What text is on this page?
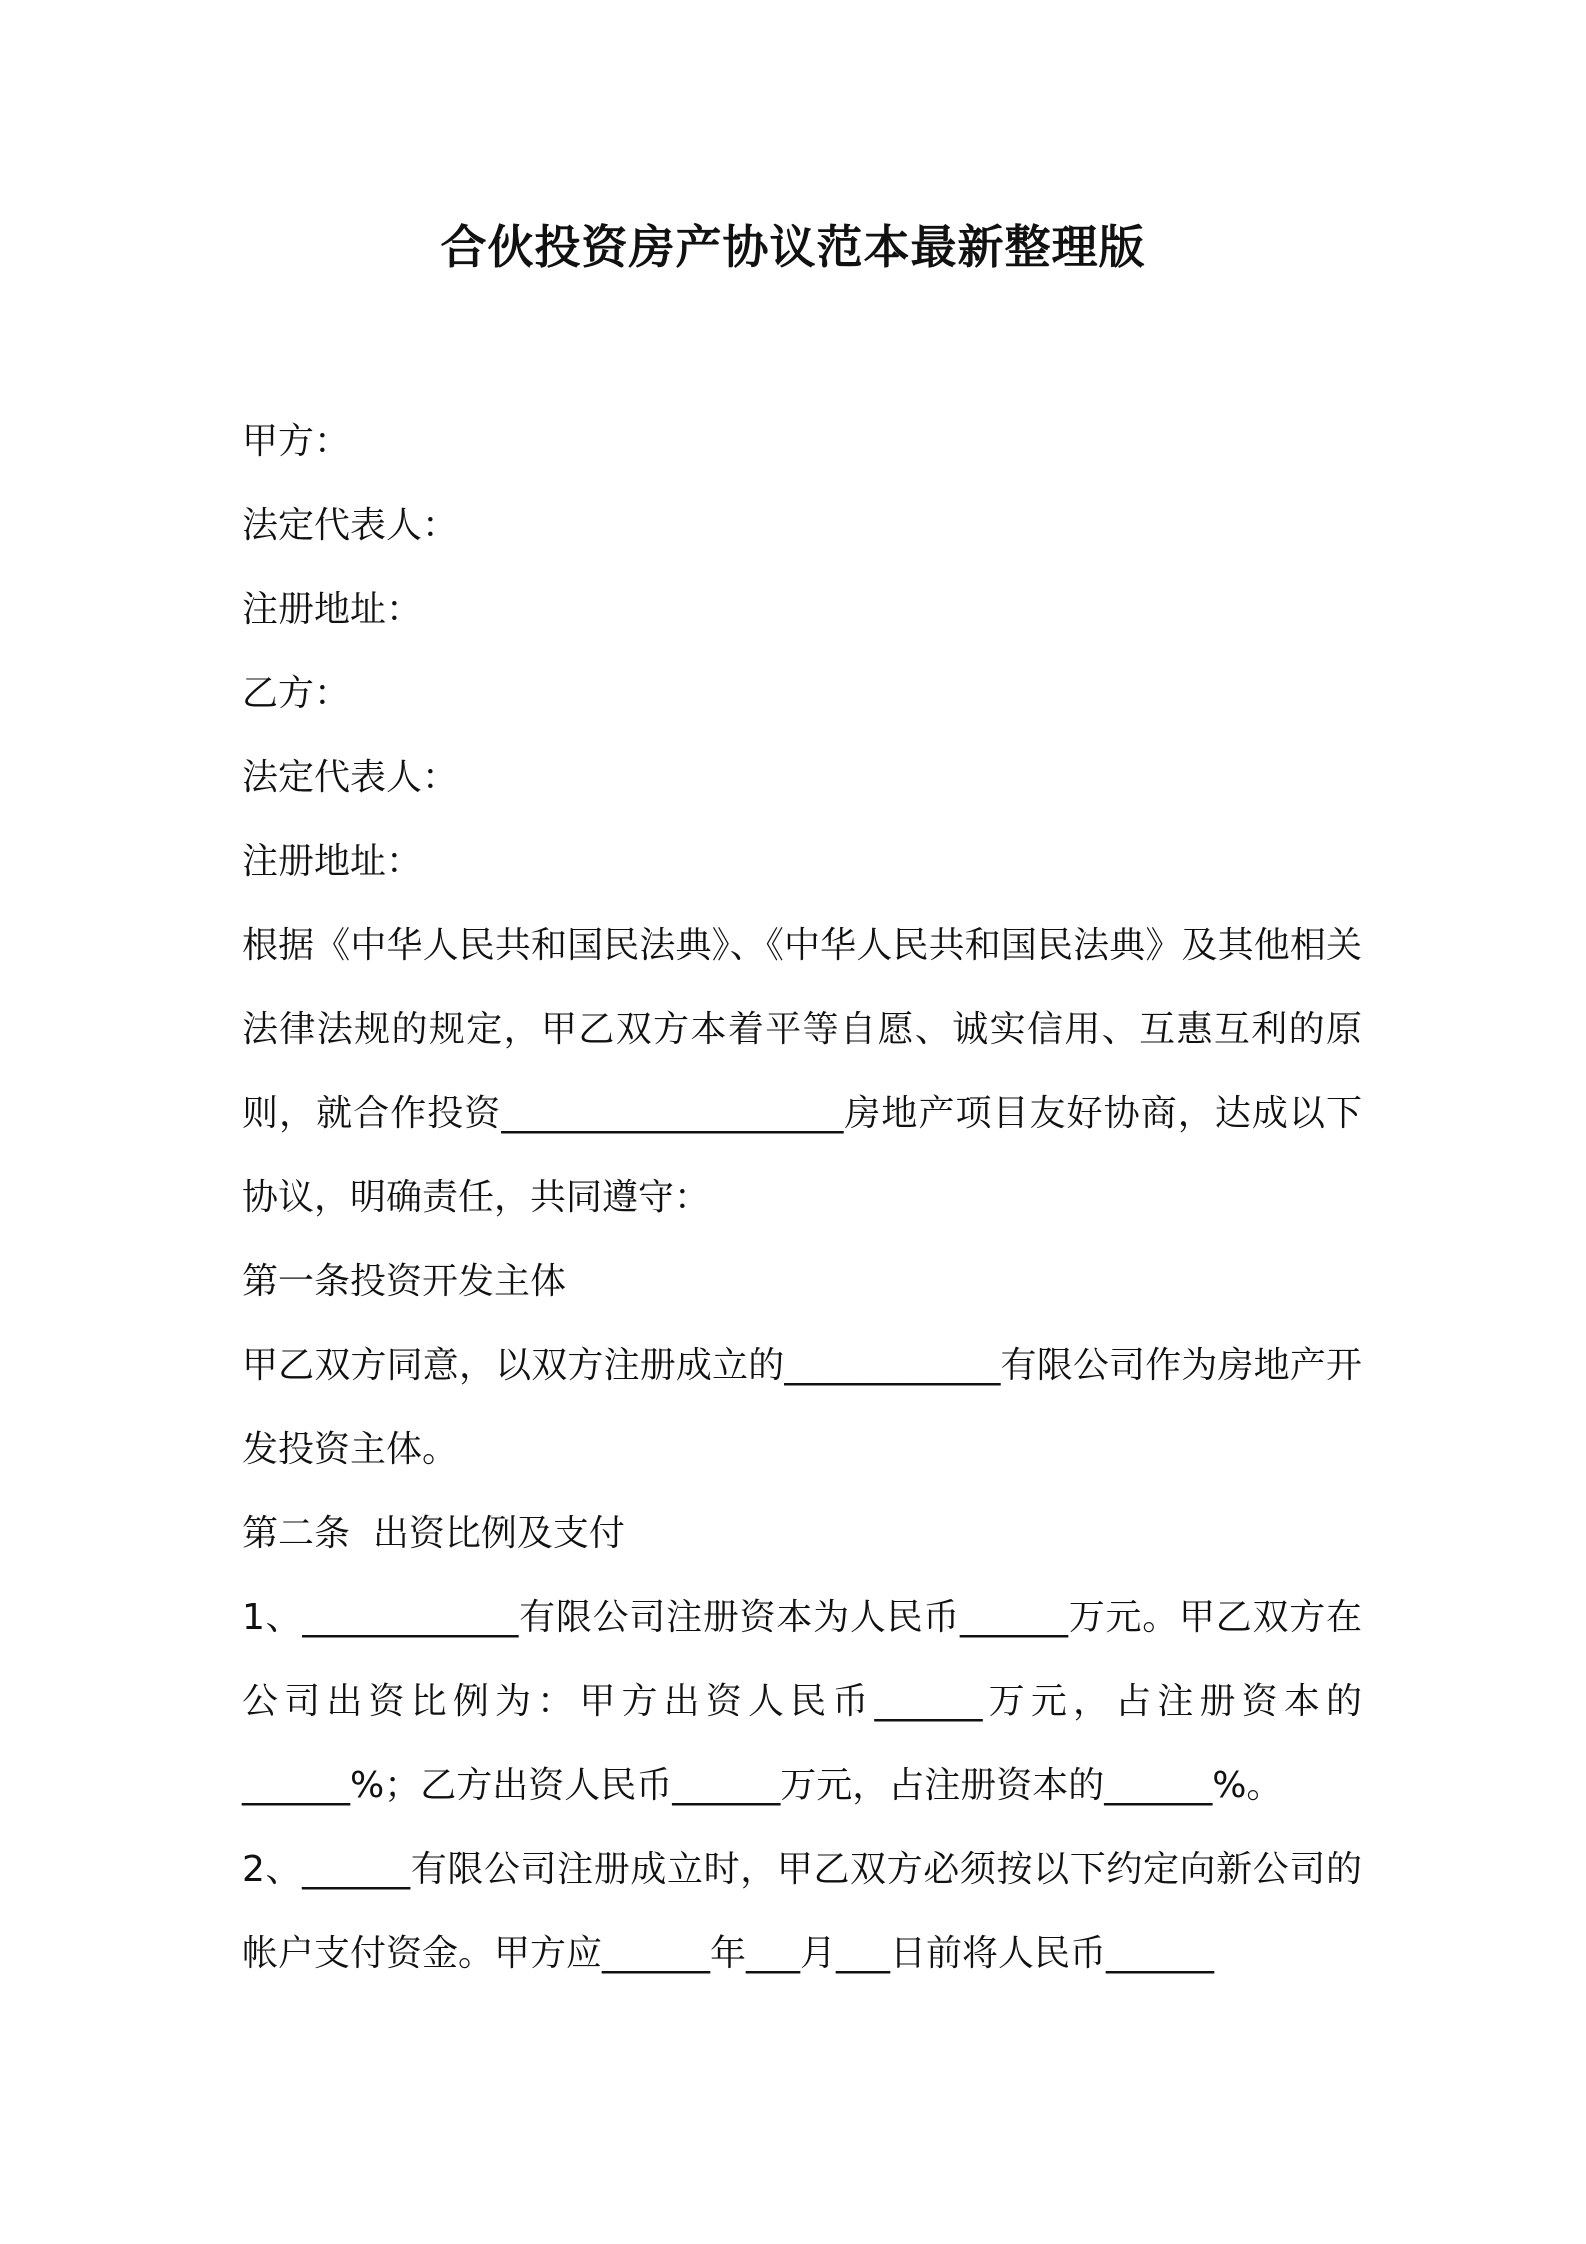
合伙投资房产协议范本最新整理版

甲方：

法定代表人：

注册地址：

乙方：

法定代表人：

注册地址：

根据《中华人民共和国民法典》、《中华人民共和国民法典》及其他相关法律法规的规定，甲乙双方本着平等自愿、诚实信用、互惠互利的原则，就合作投资___________________房地产项目友好协商，达成以下协议，明确责任，共同遵守：

第一条投资开发主体

甲乙双方同意，以双方注册成立的____________有限公司作为房地产开发投资主体。

第二条  出资比例及支付

1、____________有限公司注册资本为人民币______万元。甲乙双方在公司出资比例为：甲方出资人民币______万元，占注册资本的______%；乙方出资人民币______万元，占注册资本的______%。

2、______有限公司注册成立时，甲乙双方必须按以下约定向新公司的帐户支付资金。甲方应______年___月___日前将人民币______
